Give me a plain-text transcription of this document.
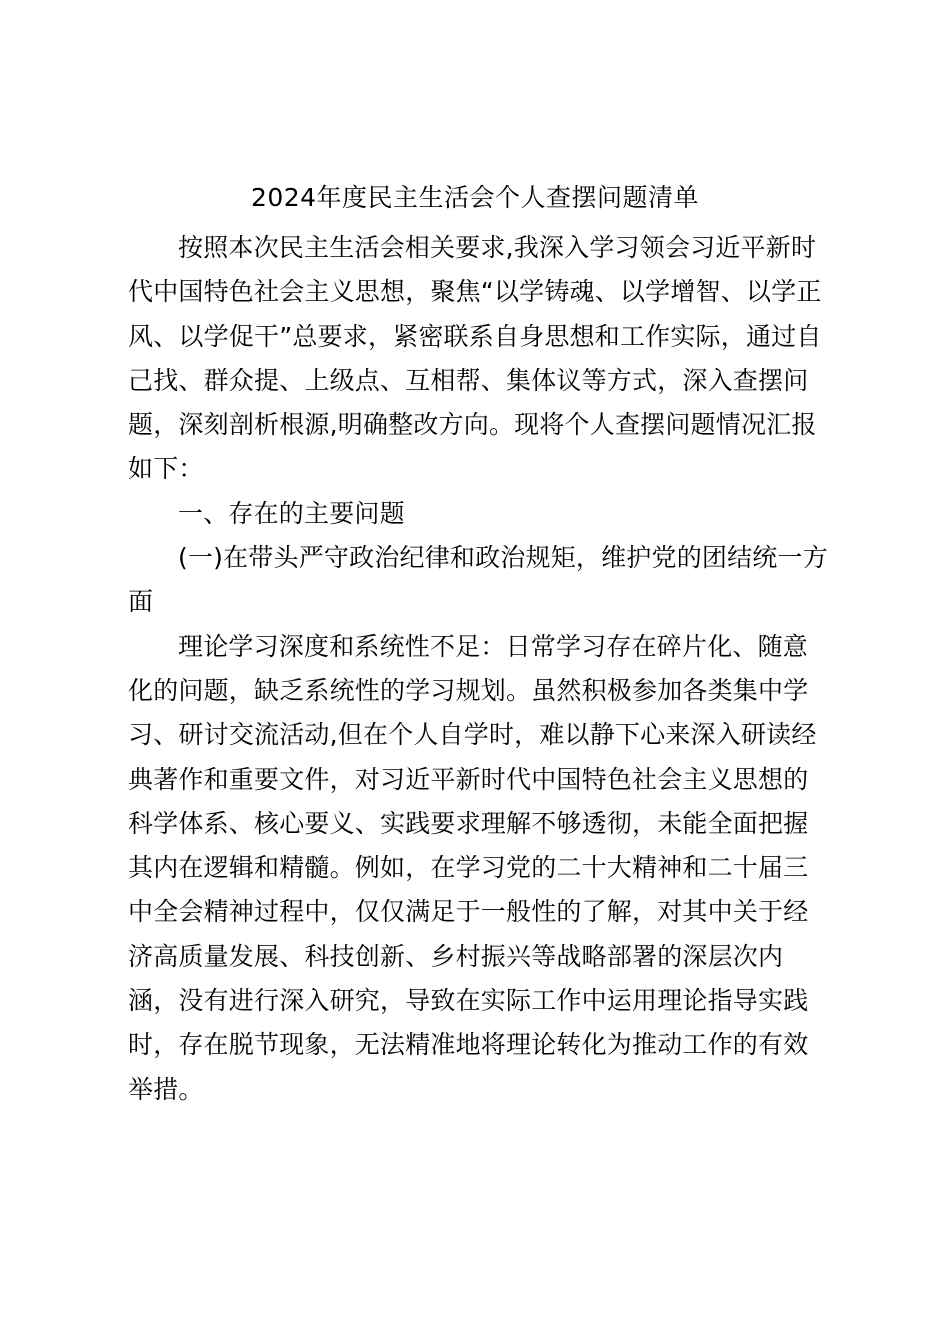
2024年度民主生活会个人查摆问题清单

按照本次民主生活会相关要求,我深入学习领会习近平新时

代中国特色社会主义思想，聚焦“以学铸魂、以学增智、以学正

风、以学促干”总要求，紧密联系自身思想和工作实际，通过自

己找、群众提、上级点、互相帮、集体议等方式，深入查摆问

题，深刻剖析根源,明确整改方向。现将个人查摆问题情况汇报

如下：

一、存在的主要问题

(一)在带头严守政治纪律和政治规矩，维护党的团结统一方

面

理论学习深度和系统性不足：日常学习存在碎片化、随意

化的问题，缺乏系统性的学习规划。虽然积极参加各类集中学

习、研讨交流活动,但在个人自学时，难以静下心来深入研读经

典著作和重要文件，对习近平新时代中国特色社会主义思想的

科学体系、核心要义、实践要求理解不够透彻，未能全面把握

其内在逻辑和精髓。例如，在学习党的二十大精神和二十届三

中全会精神过程中，仅仅满足于一般性的了解，对其中关于经

济高质量发展、科技创新、乡村振兴等战略部署的深层次内

涵，没有进行深入研究，导致在实际工作中运用理论指导实践

时，存在脱节现象，无法精准地将理论转化为推动工作的有效

举措。
